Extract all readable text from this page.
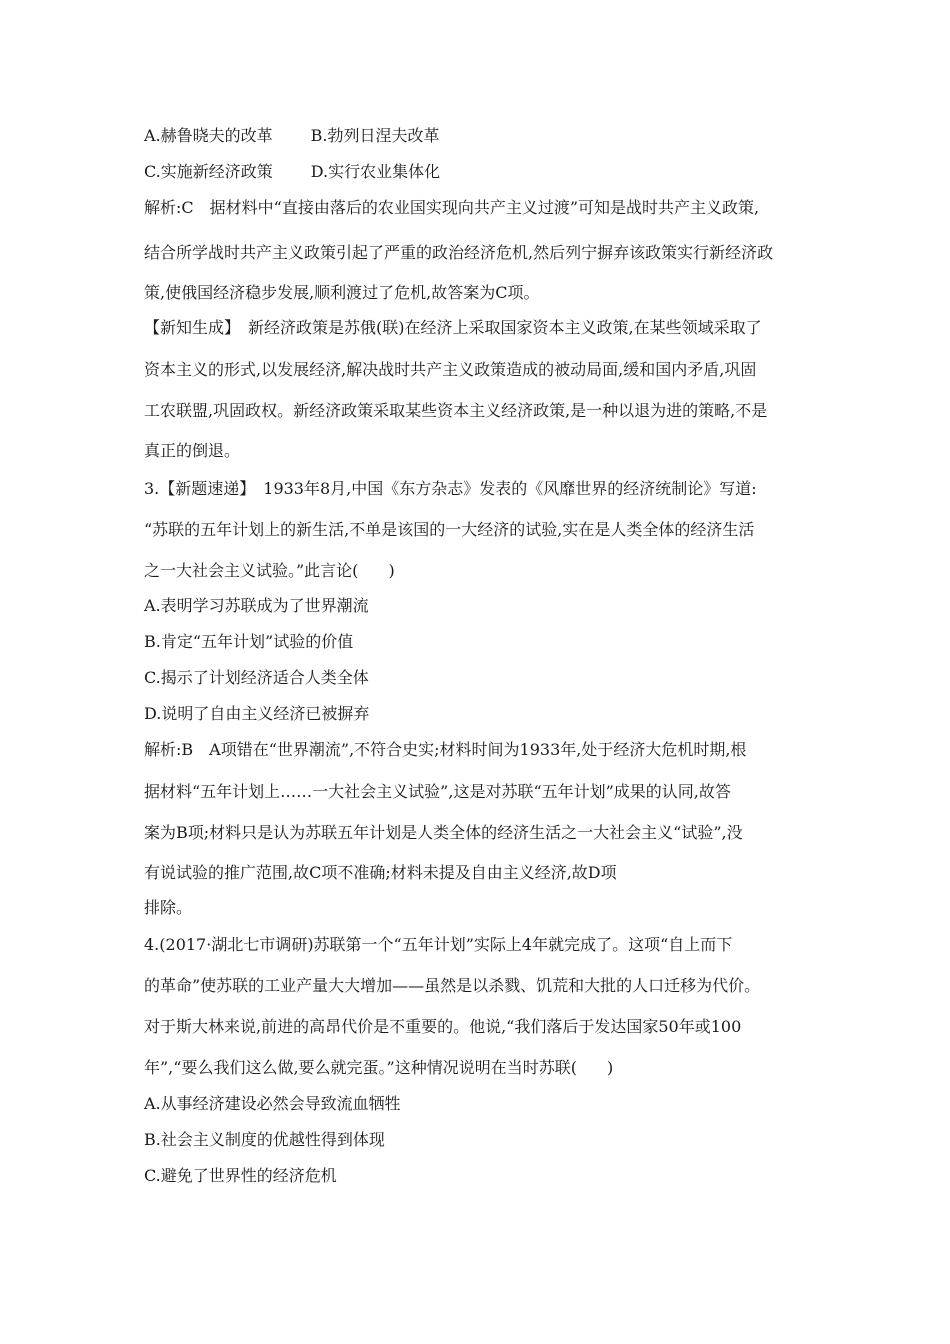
A.赫鲁晓夫的改革 B.勃列日涅夫改革
C.实施新经济政策 D.实行农业集体化
解析:C　据材料中“直接由落后的农业国实现向共产主义过渡”可知是战时共产主义政策,
结合所学战时共产主义政策引起了严重的政治经济危机,然后列宁摒弃该政策实行新经济政
策,使俄国经济稳步发展,顺利渡过了危机,故答案为C项。
【新知生成】　新经济政策是苏俄(联)在经济上采取国家资本主义政策,在某些领域采取了
资本主义的形式,以发展经济,解决战时共产主义政策造成的被动局面,缓和国内矛盾,巩固
工农联盟,巩固政权。新经济政策采取某些资本主义经济政策,是一种以退为进的策略,不是
真正的倒退。
3.【新题速递】　1933年8月,中国《东方杂志》发表的《风靡世界的经济统制论》写道:
“苏联的五年计划上的新生活,不单是该国的一大经济的试验,实在是人类全体的经济生活
之一大社会主义试验。”此言论( )
A.表明学习苏联成为了世界潮流
B.肯定“五年计划”试验的价值
C.揭示了计划经济适合人类全体
D.说明了自由主义经济已被摒弃
解析:B　A项错在“世界潮流”,不符合史实;材料时间为1933年,处于经济大危机时期,根
据材料“五年计划上……一大社会主义试验”,这是对苏联“五年计划”成果的认同,故答
案为B项;材料只是认为苏联五年计划是人类全体的经济生活之一大社会主义“试验”,没
有说试验的推广范围,故C项不准确;材料未提及自由主义经济,故D项
排除。
4.(2017·湖北七市调研)苏联第一个“五年计划”实际上4年就完成了。这项“自上而下
的革命”使苏联的工业产量大大增加——虽然是以杀戮、饥荒和大批的人口迁移为代价。
对于斯大林来说,前进的高昂代价是不重要的。他说,“我们落后于发达国家50年或100
年”,“要么我们这么做,要么就完蛋。”这种情况说明在当时苏联( )
A.从事经济建设必然会导致流血牺牲
B.社会主义制度的优越性得到体现
C.避免了世界性的经济危机
